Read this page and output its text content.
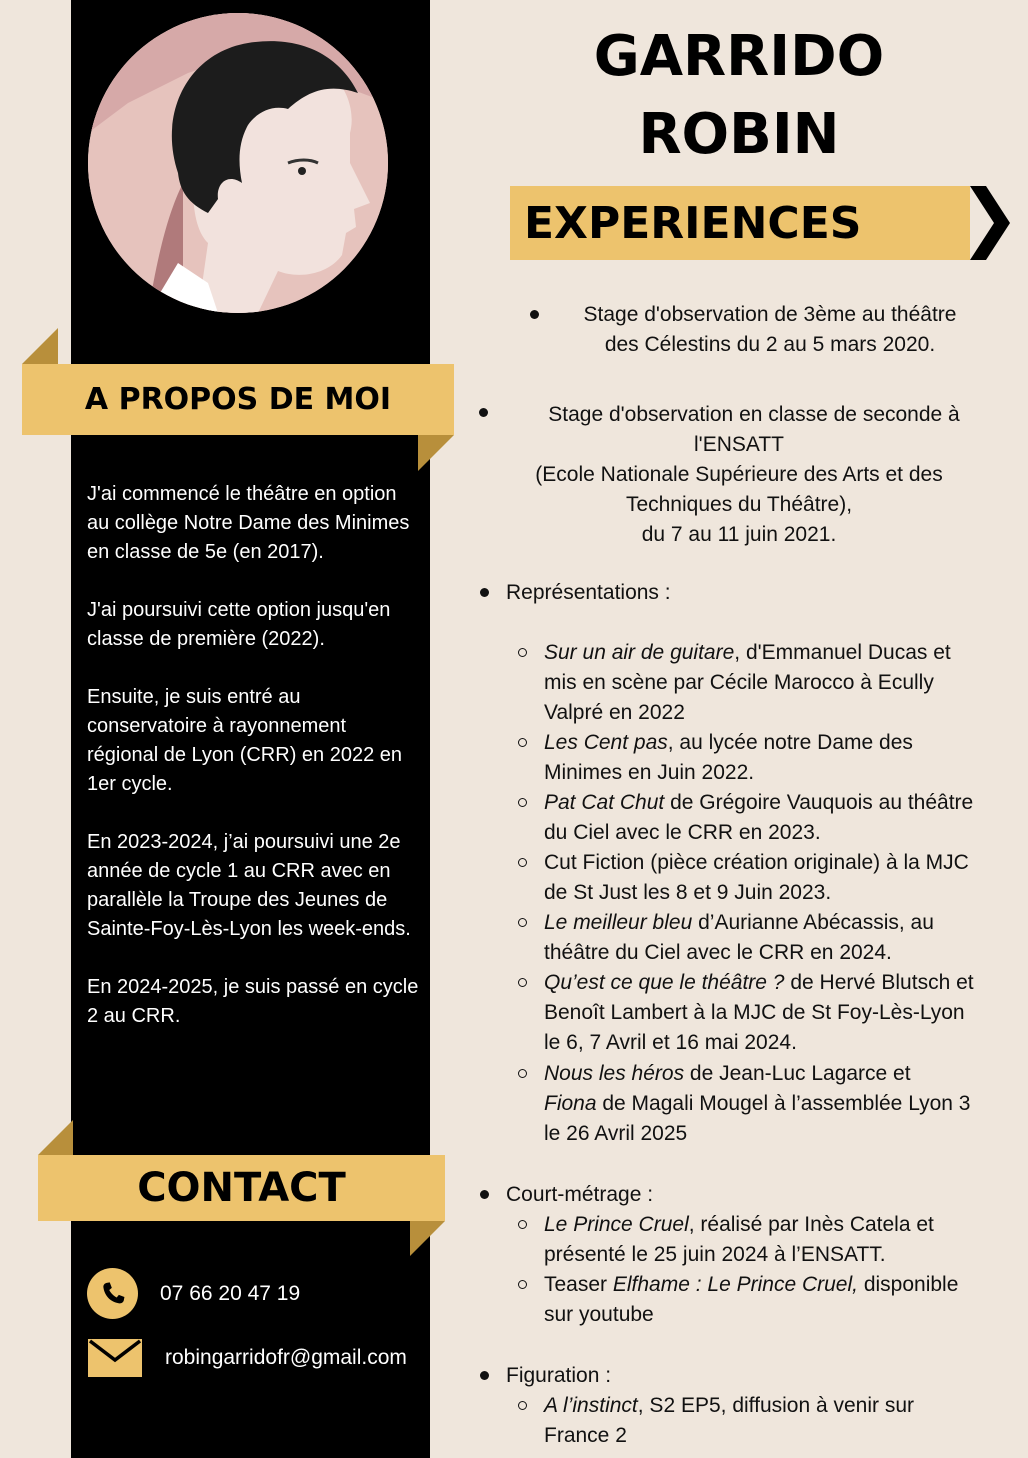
A PROPOS DE MOI

J'ai commencé le théâtre en option au collège Notre Dame des Minimes en classe de 5e (en 2017).

J'ai poursuivi cette option jusqu'en classe de première (2022).

Ensuite, je suis entré au conservatoire à rayonnement régional de Lyon (CRR) en 2022 en 1er cycle.

En 2023-2024, j’ai poursuivi une 2e année de cycle 1 au CRR avec en parallèle la Troupe des Jeunes de Sainte-Foy-Lès-Lyon les week-ends.

En 2024-2025, je suis passé en cycle 2 au CRR.

CONTACT
07 66 20 47 19
robingarridofr@gmail.com
GARRIDO
ROBIN
EXPERIENCES
Stage d'observation de 3ème au théâtre
des Célestins du 2 au 5 mars 2020.
Stage d'observation en classe de seconde à
l'ENSATT
(Ecole Nationale Supérieure des Arts et des
Techniques du Théâtre),
du 7 au 11 juin 2021.
Représentations :
Sur un air de guitare, d'Emmanuel Ducas et mis en scène par Cécile Marocco à Ecully Valpré en 2022
Les Cent pas, au lycée notre Dame des Minimes en Juin 2022.
Pat Cat Chut de Grégoire Vauquois au théâtre du Ciel avec le CRR en 2023.
Cut Fiction (pièce création originale) à la MJC de St Just les 8 et 9 Juin 2023.
Le meilleur bleu d’Aurianne Abécassis, au théâtre du Ciel avec le CRR en 2024.
Qu’est ce que le théâtre ? de Hervé Blutsch et Benoît Lambert à la MJC de St Foy-Lès-Lyon le 6, 7 Avril et 16 mai 2024.
Nous les héros de Jean-Luc Lagarce et
Fiona de Magali Mougel à l’assemblée Lyon 3 le 26 Avril 2025
Court-métrage :
Le Prince Cruel, réalisé par Inès Catela et présenté le 25 juin 2024 à l’ENSATT.
Teaser Elfhame : Le Prince Cruel, disponible sur youtube
Figuration :
A l’instinct, S2 EP5, diffusion à venir sur France 2
